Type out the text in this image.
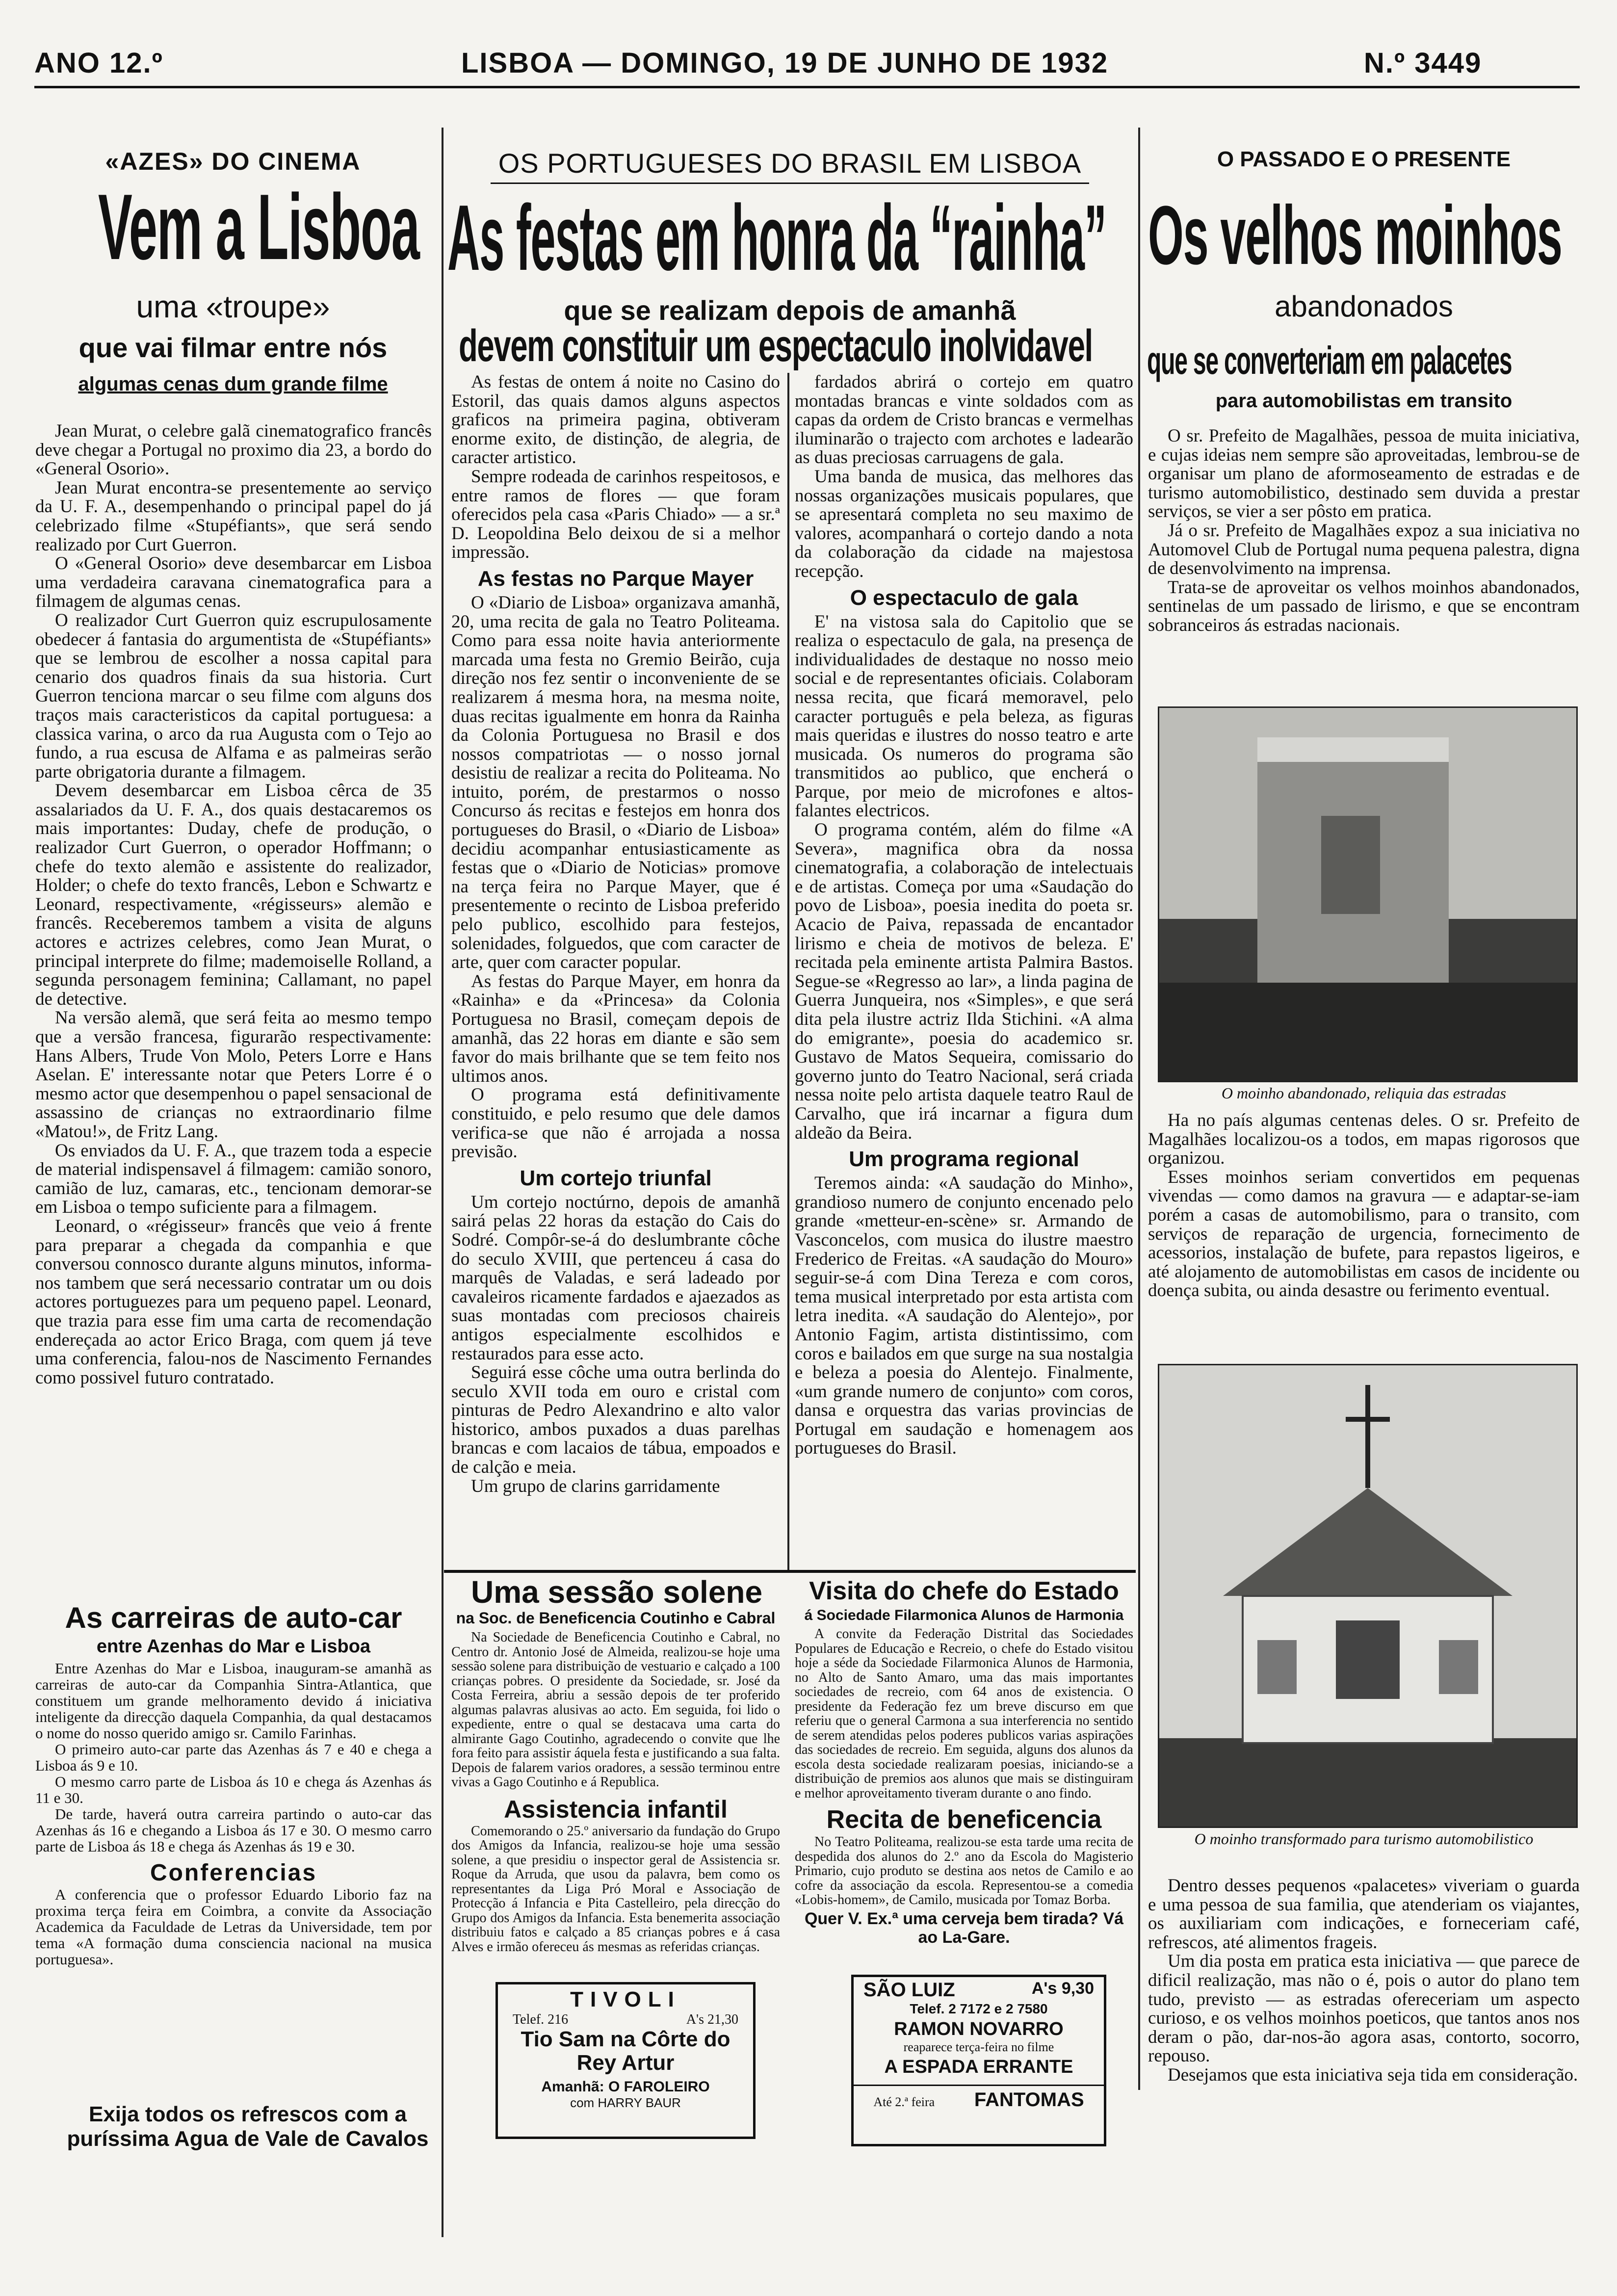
ANO 12.º	LISBOA — DOMINGO, 19 DE JUNHO DE 1932	N.º 3449
«AZES» DO CINEMA
Vem a Lisboa
uma «troupe»
que vai filmar entre nós
algumas cenas dum grande filme

Jean Murat, o celebre galã cinematografico francês deve chegar a Portugal no proximo dia 23, a bordo do «General Osorio».

Jean Murat encontra-se presentemente ao serviço da U. F. A., desempenhando o principal papel do já celebrizado filme «Stupéfiants», que será sendo realizado por Curt Guerron.

O «General Osorio» deve desembarcar em Lisboa uma verdadeira caravana cinematografica para a filmagem de algumas cenas.

O realizador Curt Guerron quiz escrupulosamente obedecer á fantasia do argumentista de «Stupéfiants» que se lembrou de escolher a nossa capital para cenario dos quadros finais da sua historia. Curt Guerron tenciona marcar o seu filme com alguns dos traços mais caracteristicos da capital portuguesa: a classica varina, o arco da rua Augusta com o Tejo ao fundo, a rua escusa de Alfama e as palmeiras serão parte obrigatoria durante a filmagem.

Devem desembarcar em Lisboa cêrca de 35 assalariados da U. F. A., dos quais destacaremos os mais importantes: Duday, chefe de produção, o realizador Curt Guerron, o operador Hoffmann; o chefe do texto alemão e assistente do realizador, Holder; o chefe do texto francês, Lebon e Schwartz e Leonard, respectivamente, «régisseurs» alemão e francês. Receberemos tambem a visita de alguns actores e actrizes celebres, como Jean Murat, o principal interprete do filme; mademoiselle Rolland, a segunda personagem feminina; Callamant, no papel de detective.

Na versão alemã, que será feita ao mesmo tempo que a versão francesa, figurarão respectivamente: Hans Albers, Trude Von Molo, Peters Lorre e Hans Aselan. E' interessante notar que Peters Lorre é o mesmo actor que desempenhou o papel sensacional de assassino de crianças no extraordinario filme «Matou!», de Fritz Lang.

Os enviados da U. F. A., que trazem toda a especie de material indispensavel á filmagem: camião sonoro, camião de luz, camaras, etc., tencionam demorar-se em Lisboa o tempo suficiente para a filmagem.

Leonard, o «régisseur» francês que veio á frente para preparar a chegada da companhia e que conversou connosco durante alguns minutos, informa-nos tambem que será necessario contratar um ou dois actores portuguezes para um pequeno papel. Leonard, que trazia para esse fim uma carta de recomendação endereçada ao actor Erico Braga, com quem já teve uma conferencia, falou-nos de Nascimento Fernandes como possivel futuro contratado.

As carreiras de auto-car
entre Azenhas do Mar e Lisboa

Entre Azenhas do Mar e Lisboa, inauguram-se amanhã as carreiras de auto-car da Companhia Sintra-Atlantica, que constituem um grande melhoramento devido á iniciativa inteligente da direcção daquela Companhia, da qual destacamos o nome do nosso querido amigo sr. Camilo Farinhas.

O primeiro auto-car parte das Azenhas ás 7 e 40 e chega a Lisboa ás 9 e 10.

O mesmo carro parte de Lisboa ás 10 e chega ás Azenhas ás 11 e 30.

De tarde, haverá outra carreira partindo o auto-car das Azenhas ás 16 e chegando a Lisboa ás 17 e 30. O mesmo carro parte de Lisboa ás 18 e chega ás Azenhas ás 19 e 30.

Conferencias

A conferencia que o professor Eduardo Liborio faz na proxima terça feira em Coimbra, a convite da Associação Academica da Faculdade de Letras da Universidade, tem por tema «A formação duma consciencia nacional na musica portuguesa».

Exija todos os refrescos com a puríssima Agua de Vale de Cavalos
OS PORTUGUESES DO BRASIL EM LISBOA
As festas em honra da “rainha”
que se realizam depois de amanhã
devem constituir um espectaculo inolvidavel

As festas de ontem á noite no Casino do Estoril, das quais damos alguns aspectos graficos na primeira pagina, obtiveram enorme exito, de distinção, de alegria, de caracter artistico.

Sempre rodeada de carinhos respeitosos, e entre ramos de flores — que foram oferecidos pela casa «Paris Chiado» — a sr.ª D. Leopoldina Belo deixou de si a melhor impressão.

As festas no Parque Mayer

O «Diario de Lisboa» organizava amanhã, 20, uma recita de gala no Teatro Politeama. Como para essa noite havia anteriormente marcada uma festa no Gremio Beirão, cuja direção nos fez sentir o inconveniente de se realizarem á mesma hora, na mesma noite, duas recitas igualmente em honra da Rainha da Colonia Portuguesa no Brasil e dos nossos compatriotas — o nosso jornal desistiu de realizar a recita do Politeama. No intuito, porém, de prestarmos o nosso Concurso ás recitas e festejos em honra dos portugueses do Brasil, o «Diario de Lisboa» decidiu acompanhar entusiasticamente as festas que o «Diario de Noticias» promove na terça feira no Parque Mayer, que é presentemente o recinto de Lisboa preferido pelo publico, escolhido para festejos, solenidades, folguedos, que com caracter de arte, quer com caracter popular.

As festas do Parque Mayer, em honra da «Rainha» e da «Princesa» da Colonia Portuguesa no Brasil, começam depois de amanhã, das 22 horas em diante e são sem favor do mais brilhante que se tem feito nos ultimos anos.

O programa está definitivamente constituido, e pelo resumo que dele damos verifica-se que não é arrojada a nossa previsão.

Um cortejo triunfal

Um cortejo noctúrno, depois de amanhã sairá pelas 22 horas da estação do Cais do Sodré. Compôr-se-á do deslumbrante côche do seculo XVIII, que pertenceu á casa do marquês de Valadas, e será ladeado por cavaleiros ricamente fardados e ajaezados as suas montadas com preciosos chaireis antigos especialmente escolhidos e restaurados para esse acto.

Seguirá esse côche uma outra berlinda do seculo XVII toda em ouro e cristal com pinturas de Pedro Alexandrino e alto valor historico, ambos puxados a duas parelhas brancas e com lacaios de tábua, empoados e de calção e meia.

Um grupo de clarins garridamente

fardados abrirá o cortejo em quatro montadas brancas e vinte soldados com as capas da ordem de Cristo brancas e vermelhas iluminarão o trajecto com archotes e ladearão as duas preciosas carruagens de gala.

Uma banda de musica, das melhores das nossas organizações musicais populares, que se apresentará completa no seu maximo de valores, acompanhará o cortejo dando a nota da colaboração da cidade na majestosa recepção.

O espectaculo de gala

E' na vistosa sala do Capitolio que se realiza o espectaculo de gala, na presença de individualidades de destaque no nosso meio social e de representantes oficiais. Colaboram nessa recita, que ficará memoravel, pelo caracter português e pela beleza, as figuras mais queridas e ilustres do nosso teatro e arte musicada. Os numeros do programa são transmitidos ao publico, que encherá o Parque, por meio de microfones e altos-falantes electricos.

O programa contém, além do filme «A Severa», magnifica obra da nossa cinematografia, a colaboração de intelectuais e de artistas. Começa por uma «Saudação do povo de Lisboa», poesia inedita do poeta sr. Acacio de Paiva, repassada de encantador lirismo e cheia de motivos de beleza. E' recitada pela eminente artista Palmira Bastos. Segue-se «Regresso ao lar», a linda pagina de Guerra Junqueira, nos «Simples», e que será dita pela ilustre actriz Ilda Stichini. «A alma do emigrante», poesia do academico sr. Gustavo de Matos Sequeira, comissario do governo junto do Teatro Nacional, será criada nessa noite pelo artista daquele teatro Raul de Carvalho, que irá incarnar a figura dum aldeão da Beira.

Um programa regional

Teremos ainda: «A saudação do Minho», grandioso numero de conjunto encenado pelo grande «metteur-en-scène» sr. Armando de Vasconcelos, com musica do ilustre maestro Frederico de Freitas. «A saudação do Mouro» seguir-se-á com Dina Tereza e com coros, tema musical interpretado por esta artista com letra inedita. «A saudação do Alentejo», por Antonio Fagim, artista distintissimo, com coros e bailados em que surge na sua nostalgia e beleza a poesia do Alentejo. Finalmente, «um grande numero de conjunto» com coros, dansa e orquestra das varias provincias de Portugal em saudação e homenagem aos portugueses do Brasil.

Uma sessão solene
na Soc. de Beneficencia Coutinho e Cabral

Na Sociedade de Beneficencia Coutinho e Cabral, no Centro dr. Antonio José de Almeida, realizou-se hoje uma sessão solene para distribuição de vestuario e calçado a 100 crianças pobres. O presidente da Sociedade, sr. José da Costa Ferreira, abriu a sessão depois de ter proferido algumas palavras alusivas ao acto. Em seguida, foi lido o expediente, entre o qual se destacava uma carta do almirante Gago Coutinho, agradecendo o convite que lhe fora feito para assistir áquela festa e justificando a sua falta. Depois de falarem varios oradores, a sessão terminou entre vivas a Gago Coutinho e á Republica.

Assistencia infantil

Comemorando o 25.º aniversario da fundação do Grupo dos Amigos da Infancia, realizou-se hoje uma sessão solene, a que presidiu o inspector geral de Assistencia sr. Roque da Arruda, que usou da palavra, bem como os representantes da Liga Pró Moral e Associação de Protecção á Infancia e Pita Castelleiro, pela direcção do Grupo dos Amigos da Infancia. Esta benemerita associação distribuiu fatos e calçado a 85 crianças pobres e á casa Alves e irmão ofereceu ás mesmas as referidas crianças.

Visita do chefe do Estado
á Sociedade Filarmonica Alunos de Harmonia

A convite da Federação Distrital das Sociedades Populares de Educação e Recreio, o chefe do Estado visitou hoje a séde da Sociedade Filarmonica Alunos de Harmonia, no Alto de Santo Amaro, uma das mais importantes sociedades de recreio, com 64 anos de existencia. O presidente da Federação fez um breve discurso em que referiu que o general Carmona a sua interferencia no sentido de serem atendidas pelos poderes publicos varias aspirações das sociedades de recreio. Em seguida, alguns dos alunos da escola desta sociedade realizaram poesias, iniciando-se a distribuição de premios aos alunos que mais se distinguiram e melhor aproveitamento tiveram durante o ano findo.

Recita de beneficencia

No Teatro Politeama, realizou-se esta tarde uma recita de despedida dos alunos do 2.º ano da Escola do Magisterio Primario, cujo produto se destina aos netos de Camilo e ao cofre da associação da escola. Representou-se a comedia «Lobis-homem», de Camilo, musicada por Tomaz Borba.

Quer V. Ex.ª uma cerveja bem tirada? Vá ao La-Gare.
TIVOLI
Telef. 216	A's 21,30
Tio Sam na Côrte do Rey Artur
Amanhã: O FAROLEIRO
com HARRY BAUR
SÃO LUIZ	A's 9,30
Telef. 2 7172 e 2 7580
RAMON NOVARRO
reaparece terça-feira no filme
A ESPADA ERRANTE
Até 2.ª feira FANTOMAS
O PASSADO E O PRESENTE
Os velhos moinhos
abandonados
que se converteriam em palacetes
para automobilistas em transito

O sr. Prefeito de Magalhães, pessoa de muita iniciativa, e cujas ideias nem sempre são aproveitadas, lembrou-se de organisar um plano de aformoseamento de estradas e de turismo automobilistico, destinado sem duvida a prestar serviços, se vier a ser pôsto em pratica.

Já o sr. Prefeito de Magalhães expoz a sua iniciativa no Automovel Club de Portugal numa pequena palestra, digna de desenvolvimento na imprensa.

Trata-se de aproveitar os velhos moinhos abandonados, sentinelas de um passado de lirismo, e que se encontram sobranceiros ás estradas nacionais.

O moinho abandonado, reliquia das estradas

Ha no país algumas centenas deles. O sr. Prefeito de Magalhães localizou-os a todos, em mapas rigorosos que organizou.

Esses moinhos seriam convertidos em pequenas vivendas — como damos na gravura — e adaptar-se-iam porém a casas de automobilismo, para o transito, com serviços de reparação de urgencia, fornecimento de acessorios, instalação de bufete, para repastos ligeiros, e até alojamento de automobilistas em casos de incidente ou doença subita, ou ainda desastre ou ferimento eventual.

O moinho transformado para turismo automobilistico

Dentro desses pequenos «palacetes» viveriam o guarda e uma pessoa de sua familia, que atenderiam os viajantes, os auxiliariam com indicações, e forneceriam café, refrescos, até alimentos frageis.

Um dia posta em pratica esta iniciativa — que parece de dificil realização, mas não o é, pois o autor do plano tem tudo, previsto — as estradas ofereceriam um aspecto curioso, e os velhos moinhos poeticos, que tantos anos nos deram o pão, dar-nos-ão agora asas, contorto, socorro, repouso.

Desejamos que esta iniciativa seja tida em consideração.
